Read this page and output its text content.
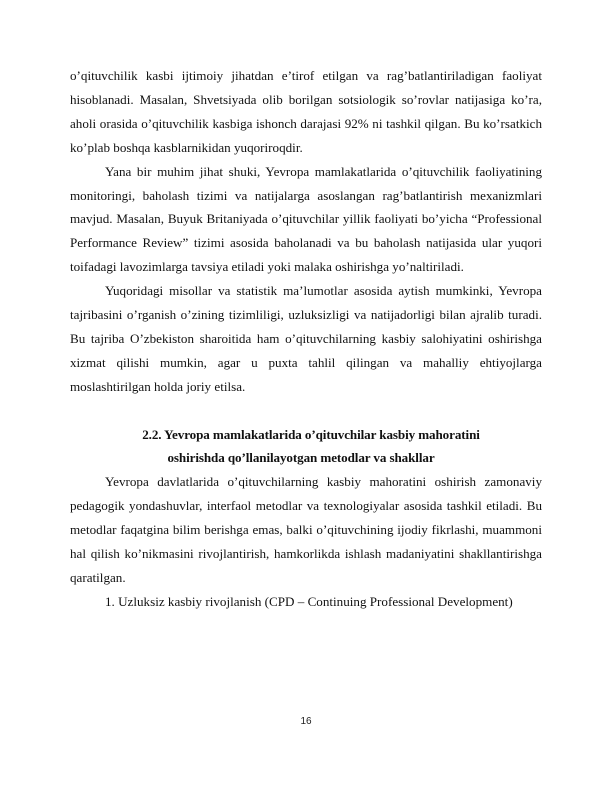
o’qituvchilik kasbi ijtimoiy jihatdan e’tirof etilgan va rag’batlantiriladigan faoliyat hisoblanadi. Masalan, Shvetsiyada olib borilgan sotsiologik so’rovlar natijasiga ko’ra, aholi orasida o’qituvchilik kasbiga ishonch darajasi 92% ni tashkil qilgan. Bu ko’rsatkich ko’plab boshqa kasblarnikidan yuqoriroqdir.

Yana bir muhim jihat shuki, Yevropa mamlakatlarida o’qituvchilik faoliyatining monitoringi, baholash tizimi va natijalarga asoslangan rag’batlantirish mexanizmlari mavjud. Masalan, Buyuk Britaniyada o’qituvchilar yillik faoliyati bo’yicha “Professional Performance Review” tizimi asosida baholanadi va bu baholash natijasida ular yuqori toifadagi lavozimlarga tavsiya etiladi yoki malaka oshirishga yo’naltiriladi.

Yuqoridagi misollar va statistik ma’lumotlar asosida aytish mumkinki, Yevropa tajribasini o’rganish o’zining tizimliligi, uzluksizligi va natijadorligi bilan ajralib turadi. Bu tajriba O’zbekiston sharoitida ham o’qituvchilarning kasbiy salohiyatini oshirishga xizmat qilishi mumkin, agar u puxta tahlil qilingan va mahalliy ehtiyojlarga moslashtirilgan holda joriy etilsa.

2.2. Yevropa mamlakatlarida o’qituvchilar kasbiy mahoratini
oshirishda qo’llanilayotgan metodlar va shakllar

Yevropa davlatlarida o’qituvchilarning kasbiy mahoratini oshirish zamonaviy pedagogik yondashuvlar, interfaol metodlar va texnologiyalar asosida tashkil etiladi. Bu metodlar faqatgina bilim berishga emas, balki o’qituvchining ijodiy fikrlashi, muammoni hal qilish ko’nikmasini rivojlantirish, hamkorlikda ishlash madaniyatini shakllantirishga qaratilgan.

1. Uzluksiz kasbiy rivojlanish (CPD – Continuing Professional Development)

16
